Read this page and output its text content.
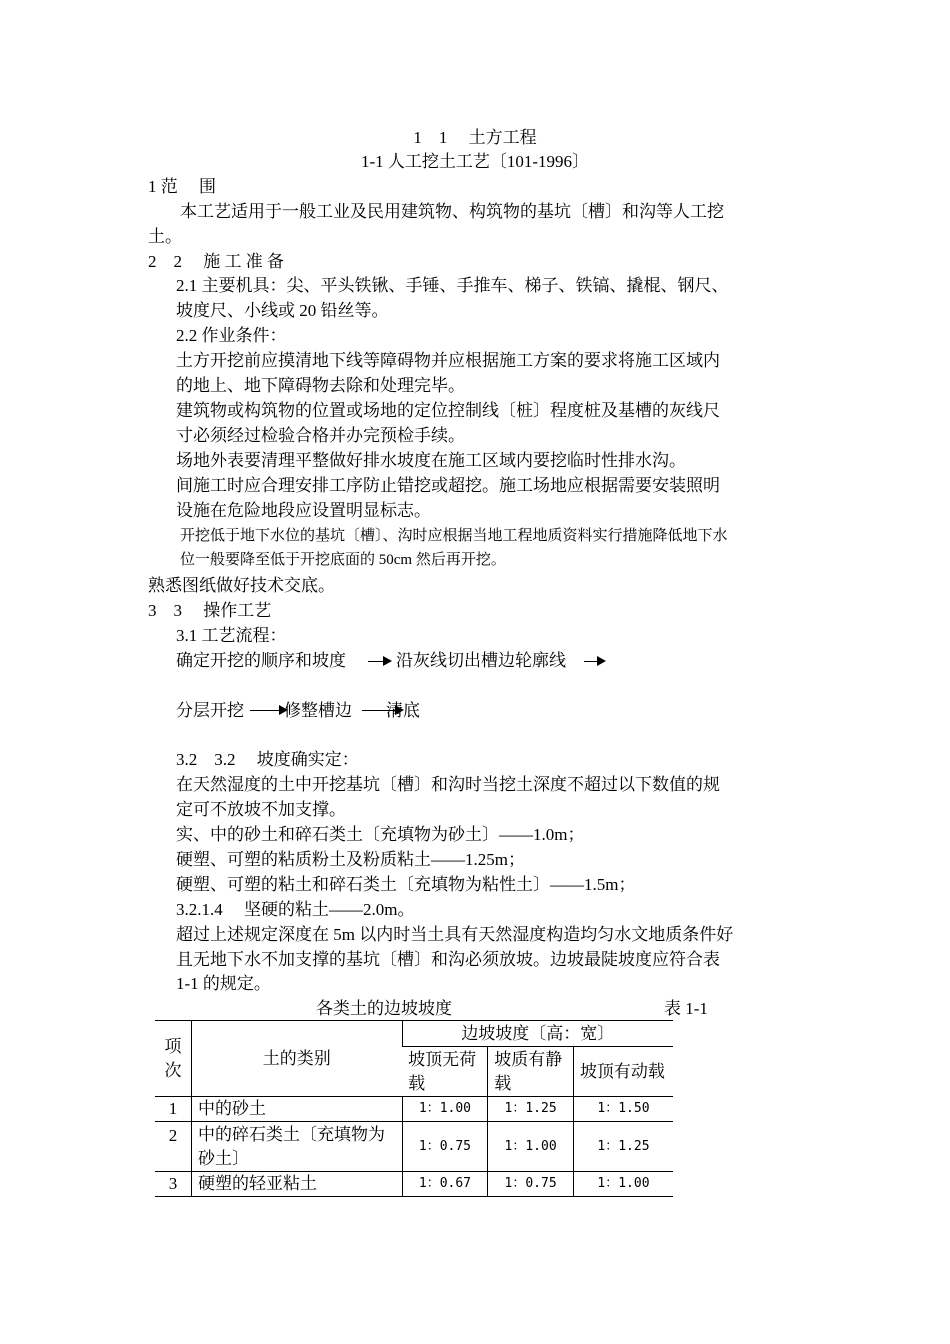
1　1　 土方工程
1-1 人工挖土工艺〔101-1996〕
1 范　 围
本工艺适用于一般工业及民用建筑物、构筑物的基坑〔槽〕和沟等人工挖
土。
2　2　 施 工 准 备
2.1 主要机具：尖、平头铁锹、手锤、手推车、梯子、铁镐、撬棍、钢尺、
坡度尺、小线或 20 铅丝等。
2.2 作业条件：
土方开挖前应摸清地下线等障碍物并应根据施工方案的要求将施工区域内
的地上、地下障碍物去除和处理完毕。
建筑物或构筑物的位置或场地的定位控制线〔桩〕程度桩及基槽的灰线尺
寸必须经过检验合格并办完预检手续。
场地外表要清理平整做好排水坡度在施工区域内要挖临时性排水沟。
间施工时应合理安排工序防止错挖或超挖。施工场地应根据需要安装照明
设施在危险地段应设置明显标志。
开挖低于地下水位的基坑〔槽〕、沟时应根据当地工程地质资料实行措施降低地下水
位一般要降至低于开挖底面的 50cm 然后再开挖。
熟悉图纸做好技术交底。
3　3　 操作工艺
3.1 工艺流程：
确定开挖的顺序和坡度	沿灰线切出槽边轮廓线
分层开挖 修整槽边 清底
3.2　3.2　 坡度确实定：
在天然湿度的土中开挖基坑〔槽〕和沟时当挖土深度不超过以下数值的规
定可不放坡不加支撑。
实、中的砂土和碎石类土〔充填物为砂土〕——1.0m；
硬塑、可塑的粘质粉土及粉质粘土——1.25m；
硬塑、可塑的粘土和碎石类土〔充填物为粘性土〕——1.5m；
3.2.1.4　 坚硬的粘土——2.0m。
超过上述规定深度在 5m 以内时当土具有天然湿度构造均匀水文地质条件好
且无地下水不加支撑的基坑〔槽〕和沟必须放坡。边坡最陡坡度应符合表
1-1 的规定。
各类土的边坡坡度	表 1-1
项次	土的类别	边坡坡度〔高：宽〕		
		坡顶无荷载	坡质有静载	坡顶有动载
1	中的砂土	1：1.00	1：1.25	1：1.50
2	中的碎石类土〔充填物为砂土〕	1：0.75	1：1.00	1：1.25
3	硬塑的轻亚粘土	1：0.67	1：0.75	1：1.00
